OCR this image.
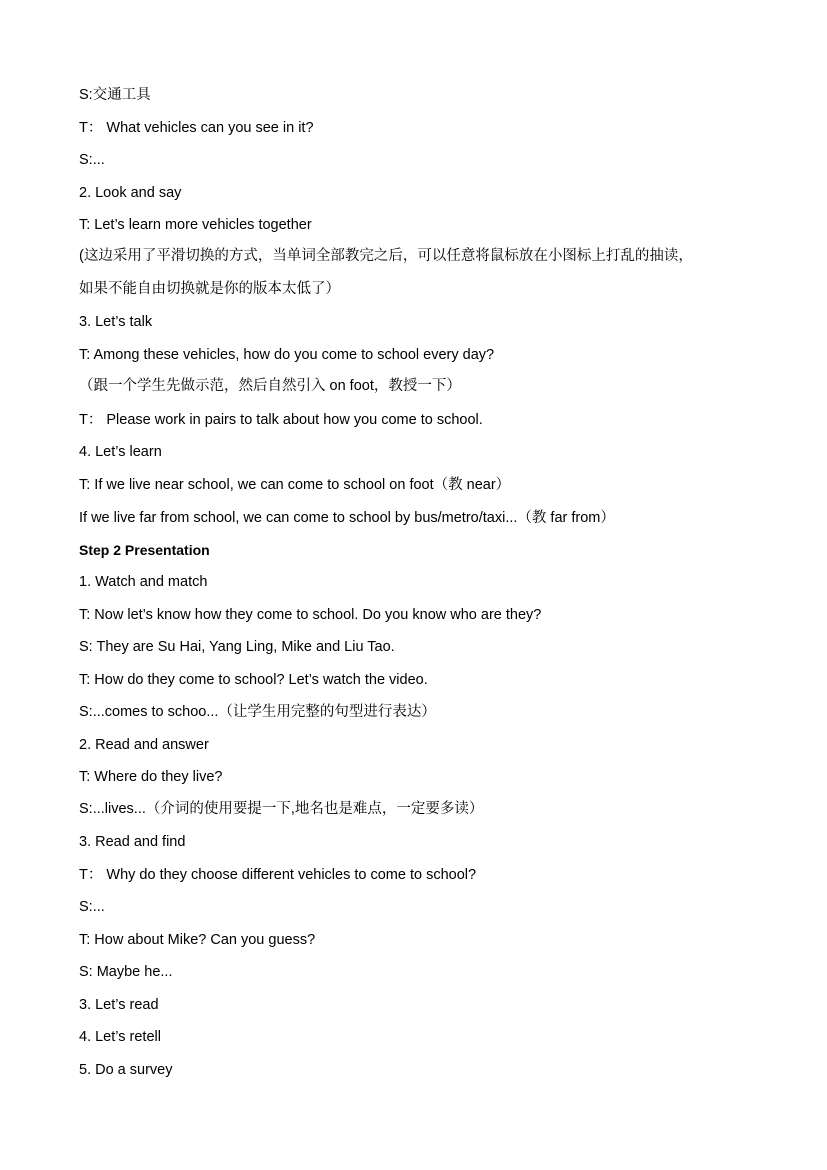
S:交通工具
T： What vehicles can you see in it?
S:...
2. Look and say
T: Let’s learn more vehicles together
(这边采用了平滑切换的方式，当单词全部教完之后，可以任意将鼠标放在小图标上打乱的抽读，
如果不能自由切换就是你的版本太低了）
3. Let’s talk
T: Among these vehicles, how do you come to school every day?
（跟一个学生先做示范，然后自然引入 on foot，教授一下）
T： Please work in pairs to talk about how you come to school.
4. Let’s learn
T: If we live near school, we can come to school on foot（教 near）
If we live far from school, we can come to school by bus/metro/taxi...（教 far from）
Step 2 Presentation
1. Watch and match
T: Now let’s know how they come to school. Do you know who are they?
S: They are Su Hai, Yang Ling, Mike and Liu Tao.
T: How do they come to school? Let’s watch the video.
S:...comes to schoo...（让学生用完整的句型进行表达）
2. Read and answer
T: Where do they live?
S:...lives...（介词的使用要提一下,地名也是难点，一定要多读）
3. Read and find
T： Why do they choose different vehicles to come to school?
S:...
T: How about Mike? Can you guess?
S: Maybe he...
3. Let’s read
4. Let’s retell
5. Do a survey
